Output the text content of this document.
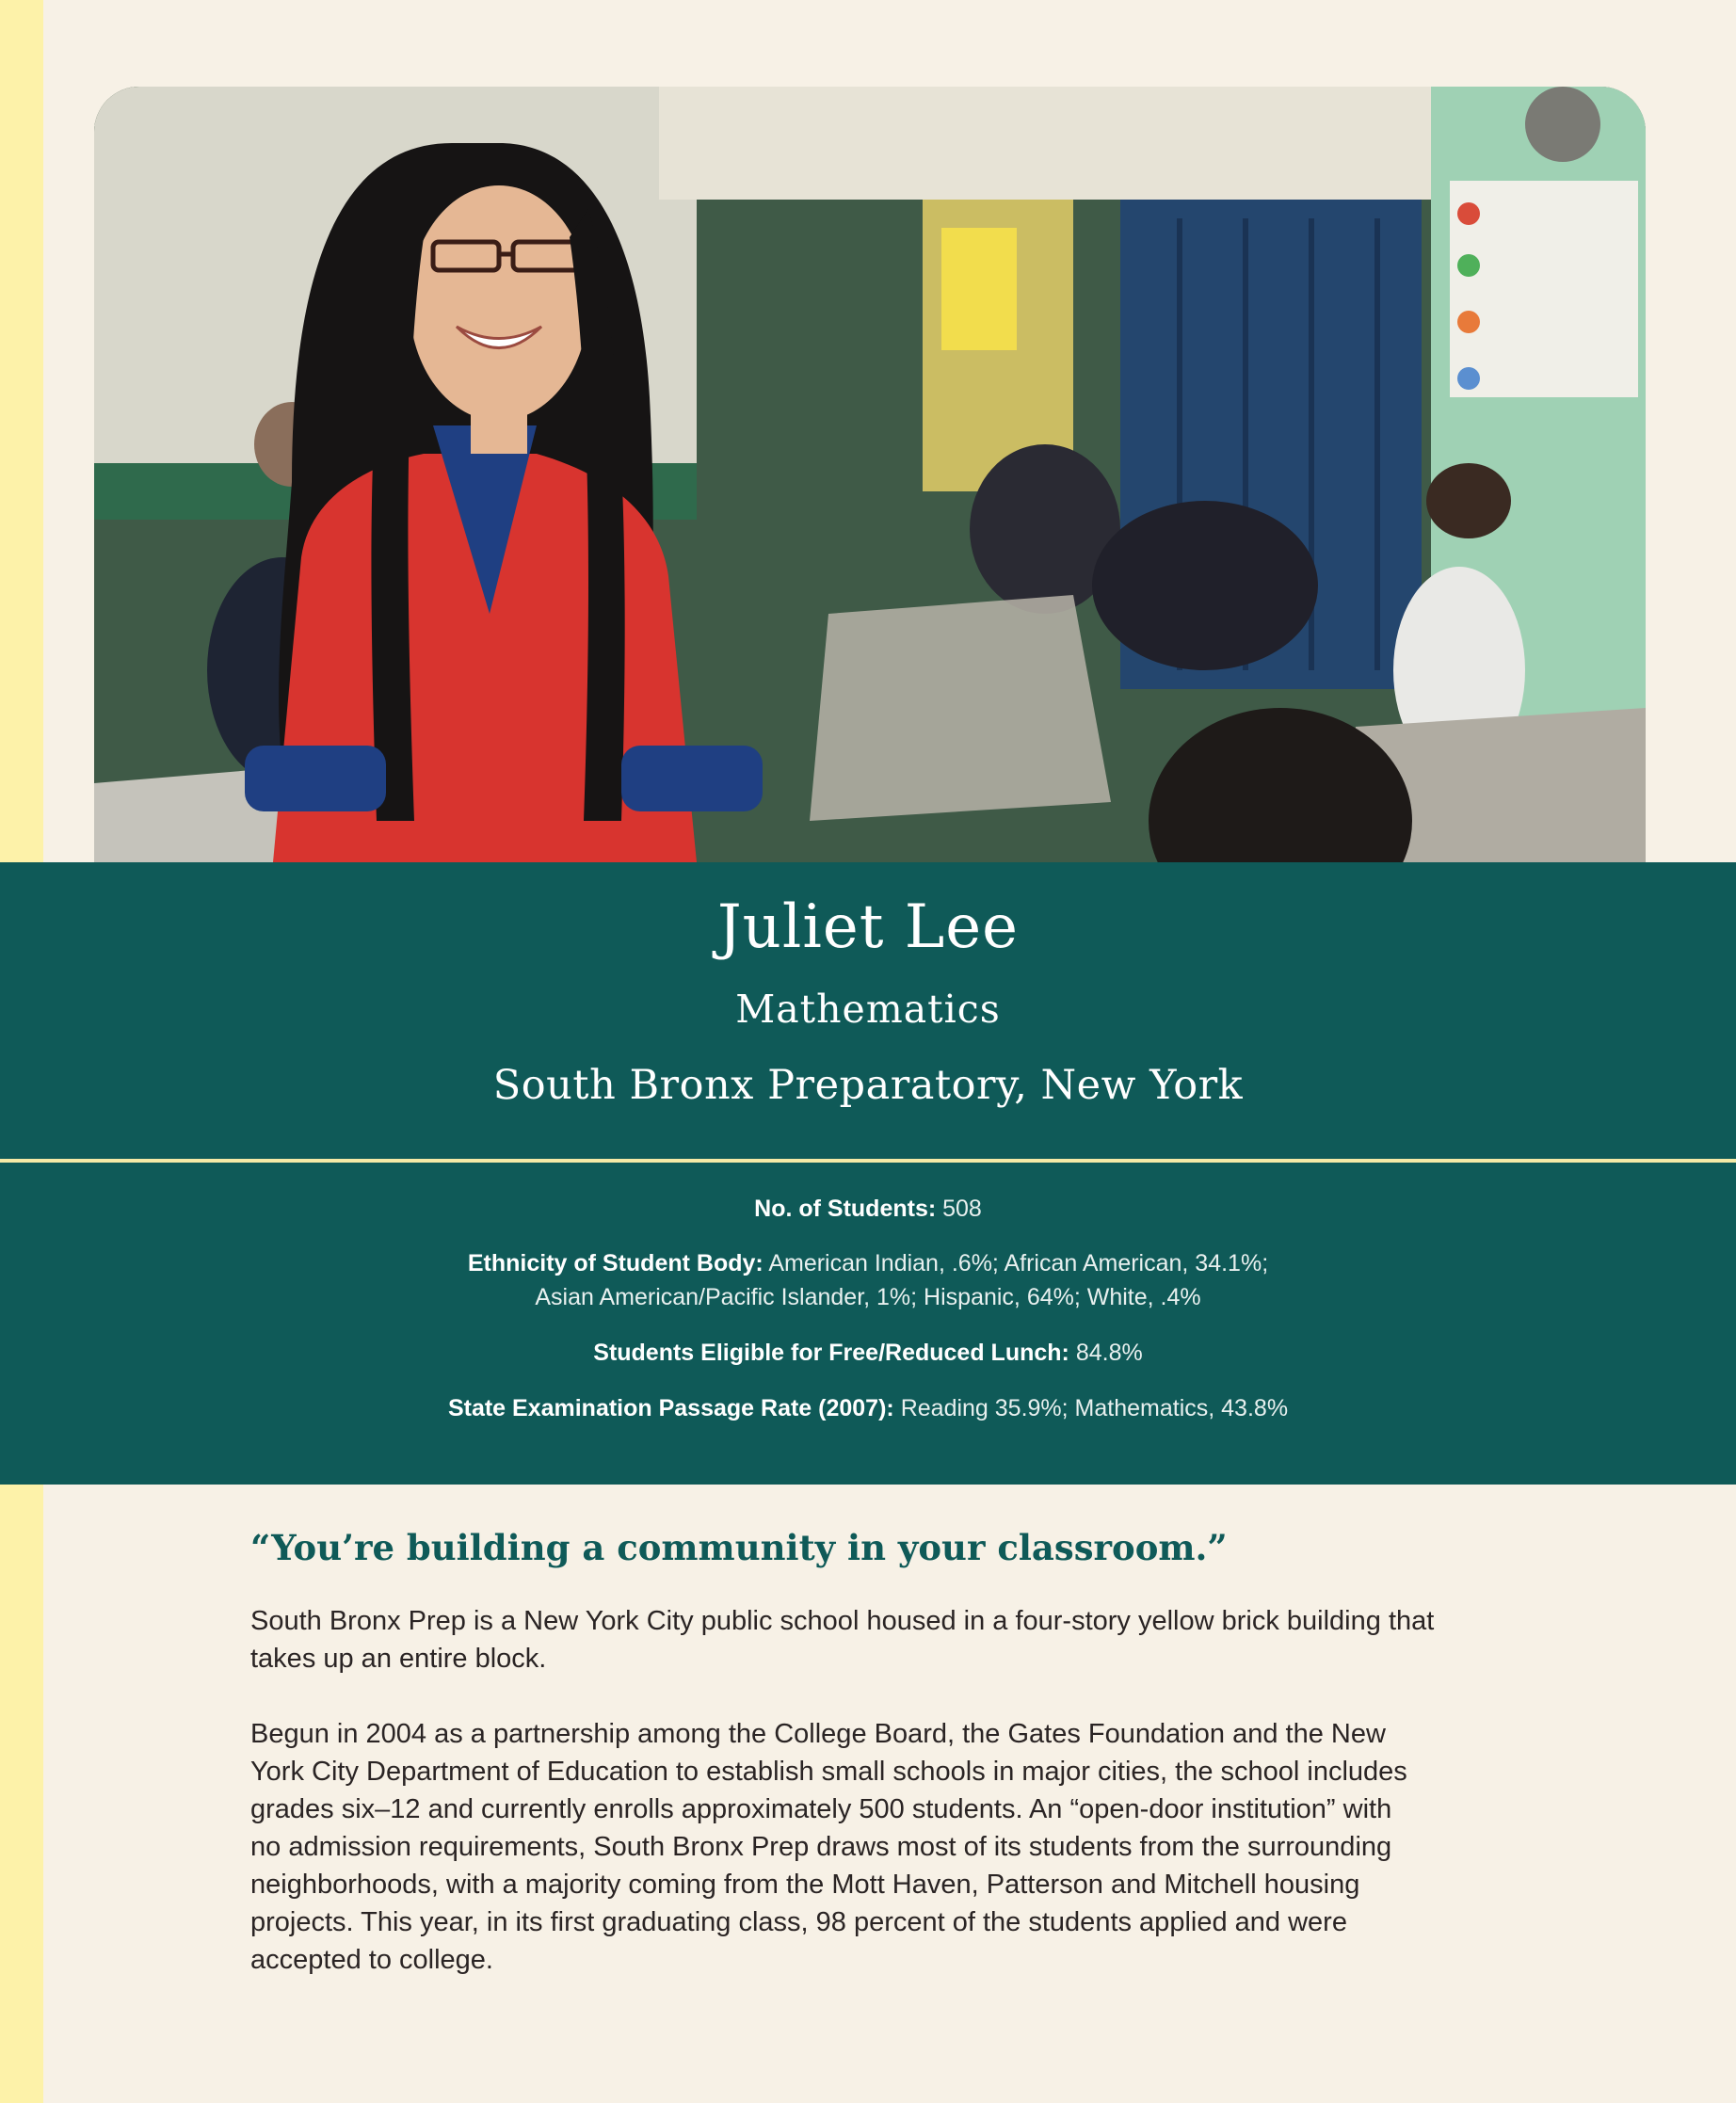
Juliet Lee
Mathematics
South Bronx Preparatory, New York
No. of Students: 508
Ethnicity of Student Body: American Indian, .6%; African American, 34.1%;
Asian American/Pacific Islander, 1%; Hispanic, 64%; White, .4%
Students Eligible for Free/Reduced Lunch: 84.8%
State Examination Passage Rate (2007): Reading 35.9%; Mathematics, 43.8%
“You’re building a community in your classroom.”
South Bronx Prep is a New York City public school housed in a four-story yellow brick building that
takes up an entire block.
Begun in 2004 as a partnership among the College Board, the Gates Foundation and the New
York City Department of Education to establish small schools in major cities, the school includes
grades six–12 and currently enrolls approximately 500 students. An “open-door institution” with
no admission requirements, South Bronx Prep draws most of its students from the surrounding
neighborhoods, with a majority coming from the Mott Haven, Patterson and Mitchell housing
projects. This year, in its first graduating class, 98 percent of the students applied and were
accepted to college.
